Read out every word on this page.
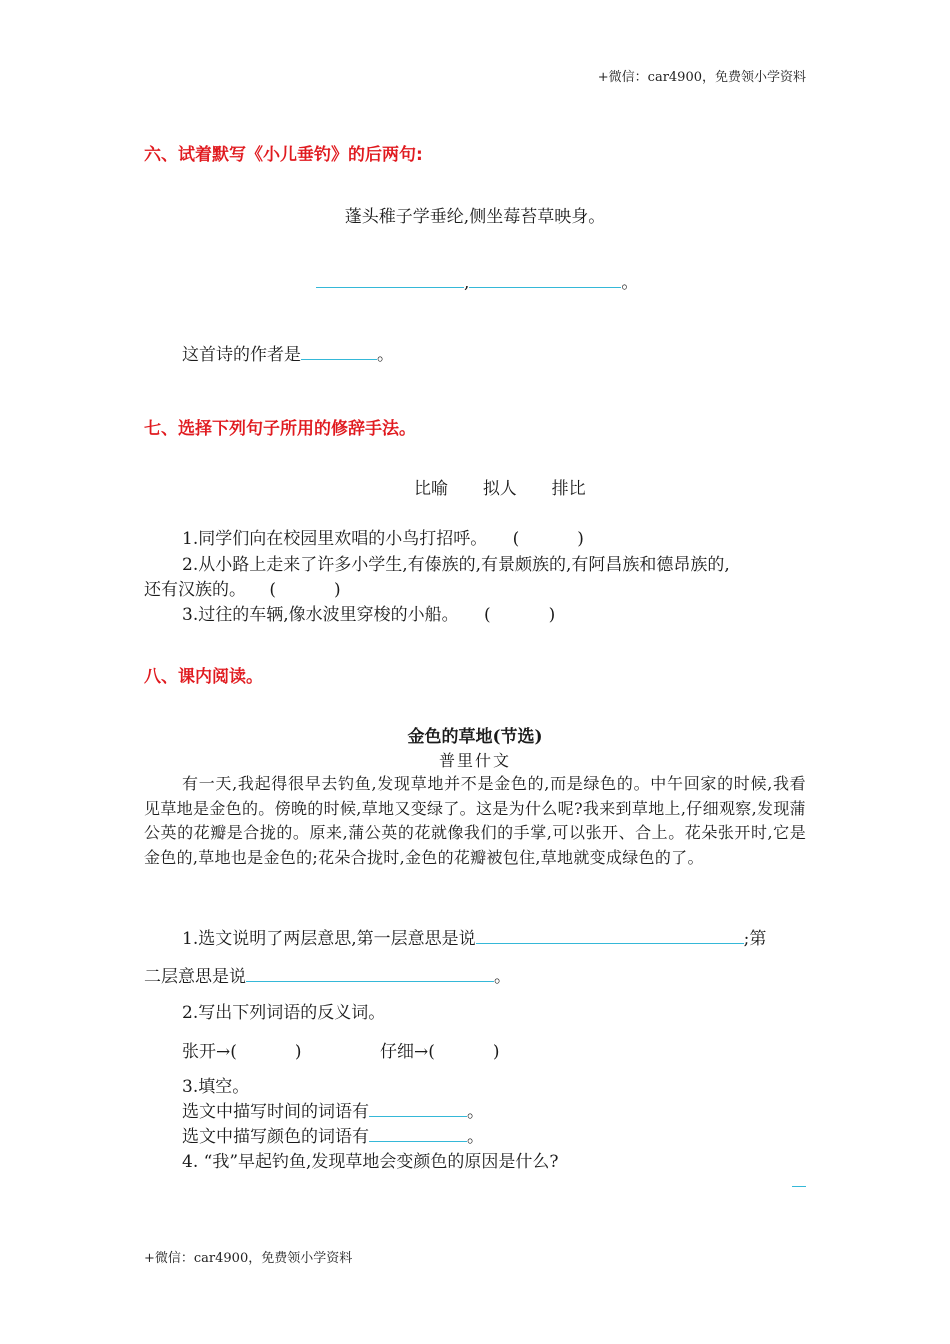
+微信：car4900，免费领小学资料
六、试着默写《小儿垂钓》的后两句:
蓬头稚子学垂纶,侧坐莓苔草映身。
,	。
这首诗的作者是	。
七、选择下列句子所用的修辞手法。
比喻 拟人 排比
1.同学们向在校园里欢唱的小鸟打招呼。 (	)
2.从小路上走来了许多小学生,有傣族的,有景颇族的,有阿昌族和德昂族的,
还有汉族的。 (	)
3.过往的车辆,像水波里穿梭的小船。 (	)
八、课内阅读。
金色的草地(节选)
普里什文

有一天,我起得很早去钓鱼,发现草地并不是金色的,而是绿色的。中午回家的时候,我看见草地是金色的。傍晚的时候,草地又变绿了。这是为什么呢?我来到草地上,仔细观察,发现蒲公英的花瓣是合拢的。原来,蒲公英的花就像我们的手掌,可以张开、合上。花朵张开时,它是金色的,草地也是金色的;花朵合拢时,金色的花瓣被包住,草地就变成绿色的了。

1.选文说明了两层意思,第一层意思是说	;第
二层意思是说	。
2.写出下列词语的反义词。
张开→(	)	仔细→(	)
3.填空。
选文中描写时间的词语有	。
选文中描写颜色的词语有	。
4. “我”早起钓鱼,发现草地会变颜色的原因是什么?
+微信：car4900，免费领小学资料
